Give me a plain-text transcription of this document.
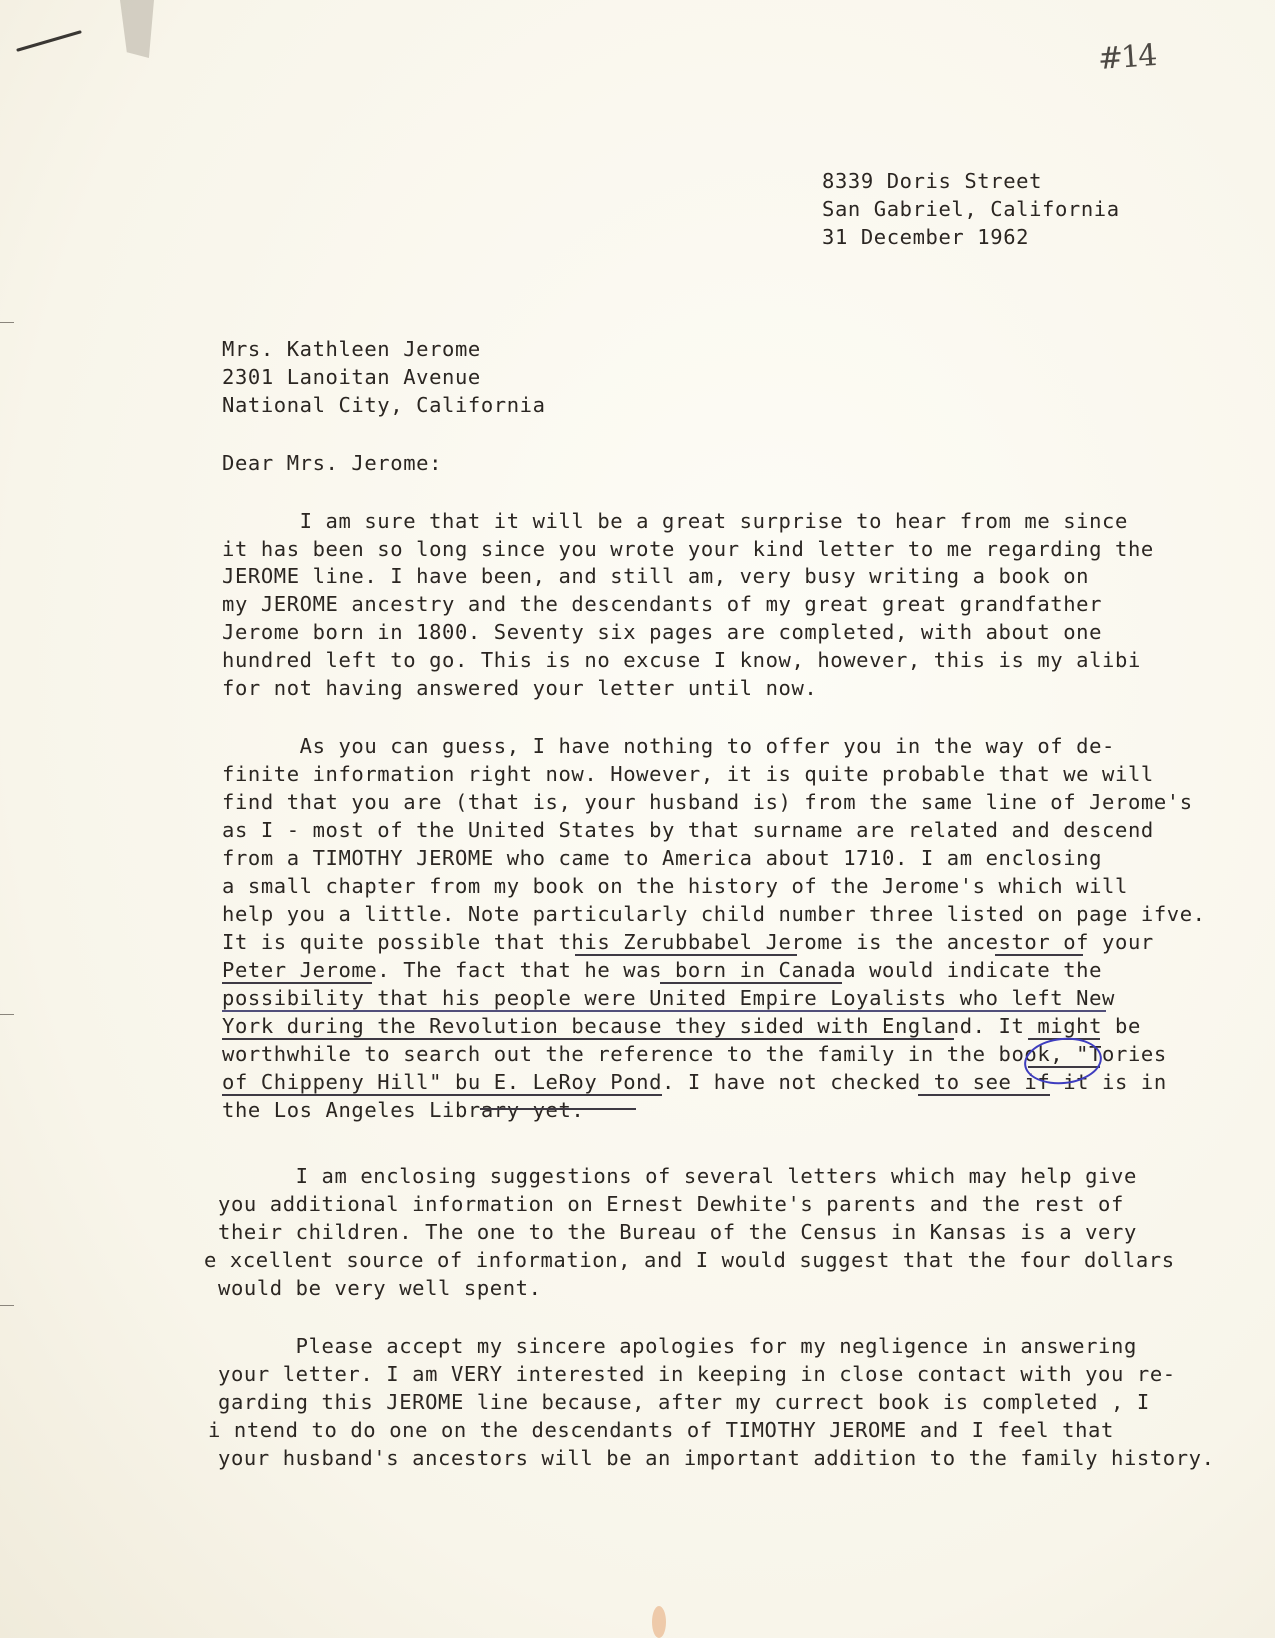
#14
8339 Doris Street
San Gabriel, California
31 December 1962
Mrs. Kathleen Jerome
2301 Lanoitan Avenue
National City, California
Dear Mrs. Jerome:
I am sure that it will be a great surprise to hear from me since
it has been so long since you wrote your kind letter to me regarding the
JEROME line. I have been, and still am, very busy writing a book on
my JEROME ancestry and the descendants of my great great grandfather
Jerome born in 1800. Seventy six pages are completed, with about one
hundred left to go. This is no excuse I know, however, this is my alibi
for not having answered your letter until now.
As you can guess, I have nothing to offer you in the way of de-
finite information right now. However, it is quite probable that we will
find that you are (that is, your husband is) from the same line of Jerome's
as I - most of the United States by that surname are related and descend
from a TIMOTHY JEROME who came to America about 1710. I am enclosing
a small chapter from my book on the history of the Jerome's which will
help you a little. Note particularly child number three listed on page ifve.
It is quite possible that this Zerubbabel Jerome is the ancestor of your
Peter Jerome. The fact that he was born in Canada would indicate the
possibility that his people were United Empire Loyalists who left New
York during the Revolution because they sided with England. It might be
worthwhile to search out the reference to the family in the book, "Tories
of Chippeny Hill" bu E. LeRoy Pond. I have not checked to see if it is in
the Los Angeles Library yet.
I am enclosing suggestions of several letters which may help give
you additional information on Ernest Dewhite's parents and the rest of
their children. The one to the Bureau of the Census in Kansas is a very
e xcellent source of information, and I would suggest that the four dollars
would be very well spent.
Please accept my sincere apologies for my negligence in answering
your letter. I am VERY interested in keeping in close contact with you re-
garding this JEROME line because, after my currect book is completed , I
i ntend to do one on the descendants of TIMOTHY JEROME and I feel that
your husband's ancestors will be an important addition to the family history.
